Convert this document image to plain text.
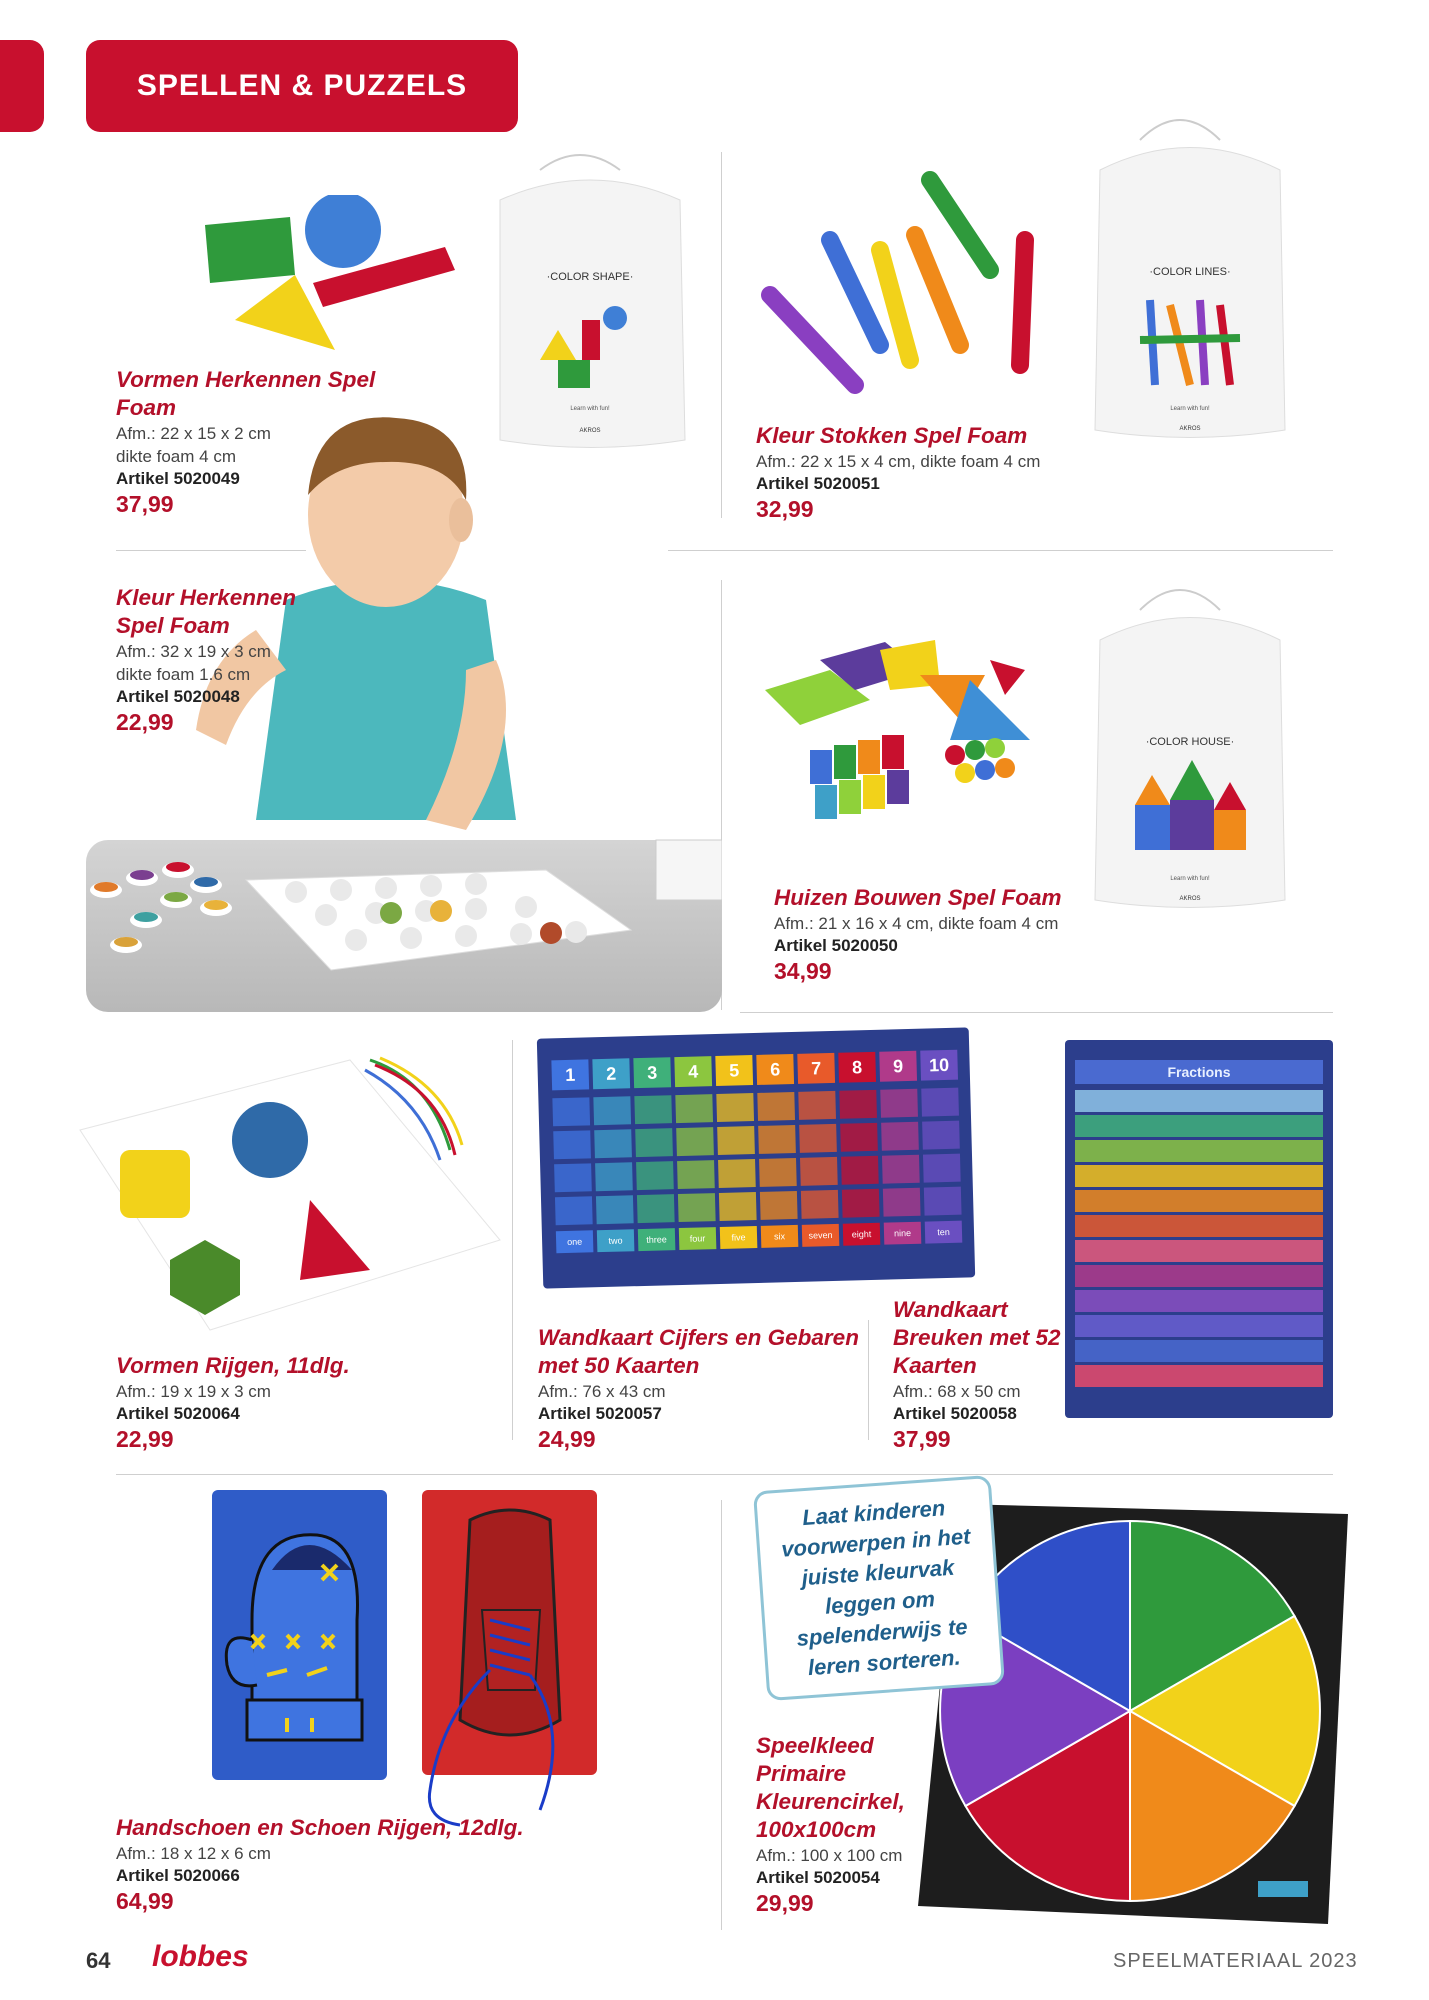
SPELLEN & PUZZELS
·COLOR SHAPE·
Learn with fun!
AKROS
·COLOR LINES·
Learn with fun!
AKROS
·COLOR HOUSE·
Learn with fun!
AKROS
1	2	3	4	5	6	7	8	9	10
one	two	three	four	five	six	seven	eight	nine	ten
Fractions
Laat kinderen voorwerpen in het juiste kleurvak leggen om spelenderwijs te leren sorteren.
Vormen Herkennen Spel Foam
Afm.: 22 x 15 x 2 cm
dikte foam 4 cm
Artikel 5020049
37,99
Kleur Stokken Spel Foam
Afm.: 22 x 15 x 4 cm, dikte foam 4 cm
Artikel 5020051
32,99
Kleur Herkennen Spel Foam
Afm.: 32 x 19 x 3 cm
dikte foam 1.6 cm
Artikel 5020048
22,99
Huizen Bouwen Spel Foam
Afm.: 21 x 16 x 4 cm, dikte foam 4 cm
Artikel 5020050
34,99
Vormen Rijgen, 11dlg.
Afm.: 19 x 19 x 3 cm
Artikel 5020064
22,99
Wandkaart Cijfers en Gebaren met 50 Kaarten
Afm.: 76 x 43 cm
Artikel 5020057
24,99
Wandkaart Breuken met 52 Kaarten
Afm.: 68 x 50 cm
Artikel 5020058
37,99
Handschoen en Schoen Rijgen, 12dlg.
Afm.: 18 x 12 x 6 cm
Artikel 5020066
64,99
Speelkleed Primaire Kleurencirkel, 100x100cm
Afm.: 100 x 100 cm
Artikel 5020054
29,99
64 lobbes	SPEELMATERIAAL 2023
